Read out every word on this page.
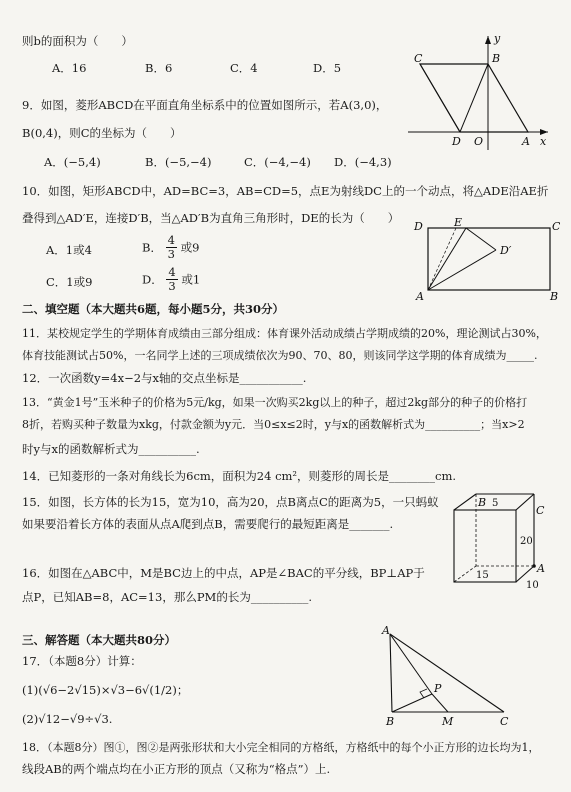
则b的面积为（　　）
A．16	B．6	C．4	D．5
9．如图，菱形ABCD在平面直角坐标系中的位置如图所示，若A(3,0)，
B(0,4)，则C的坐标为（　　）
A．(−5,4)	B．(−5,−4)	C．(−4,−4) D．(−4,3)
C	B
y
D O	A x
10．如图，矩形ABCD中，AD=BC=3，AB=CD=5，点E为射线DC上的一个动点，将△ADE沿AE折
叠得到△AD′E，连接D′B，当△AD′B为直角三角形时，DE的长为（　　）
A．1或4	B． $\frac{4}{3}$ 或9
C．1或9	D． $\frac{4}{3}$ 或1
D	E	C
D′
A	B
二、填空题（本大题共6题，每小题5分，共30分）
11．某校规定学生的学期体育成绩由三部分组成：体育课外活动成绩占学期成绩的20%，理论测试占30%，
体育技能测试占50%，一名同学上述的三项成绩依次为90、70、80，则该同学这学期的体育成绩为_____.
12．一次函数y=4x−2与x轴的交点坐标是___________.
13．“黄金1号”玉米种子的价格为5元/kg，如果一次购买2kg以上的种子，超过2kg部分的种子的价格打
8折，若购买种子数量为xkg，付款金额为y元．当0≤x≤2时，y与x的函数解析式为__________；当x>2
时y与x的函数解析式为__________.
14．已知菱形的一条对角线长为6cm，面积为24 cm²，则菱形的周长是________cm.
15．如图，长方体的长为15，宽为10，高为20，点B离点C的距离为5，一只蚂蚁
如果要沿着长方体的表面从点A爬到点B，需要爬行的最短距离是_______.
B 5
C
20
15
A
10
16．如图在△ABC中，M是BC边上的中点，AP是∠BAC的平分线，BP⊥AP于
点P，已知AB=8，AC=13，那么PM的长为__________.
三、解答题（本大题共80分）
17．（本题8分）计算：
(1)(√6−2√15)×√3−6√(1/2)；
(2)√12−√9÷√3.
A
P
B	M	C
18．（本题8分）图①，图②是两张形状和大小完全相同的方格纸，方格纸中的每个小正方形的边长均为1，
线段AB的两个端点均在小正方形的顶点（又称为“格点”）上.
